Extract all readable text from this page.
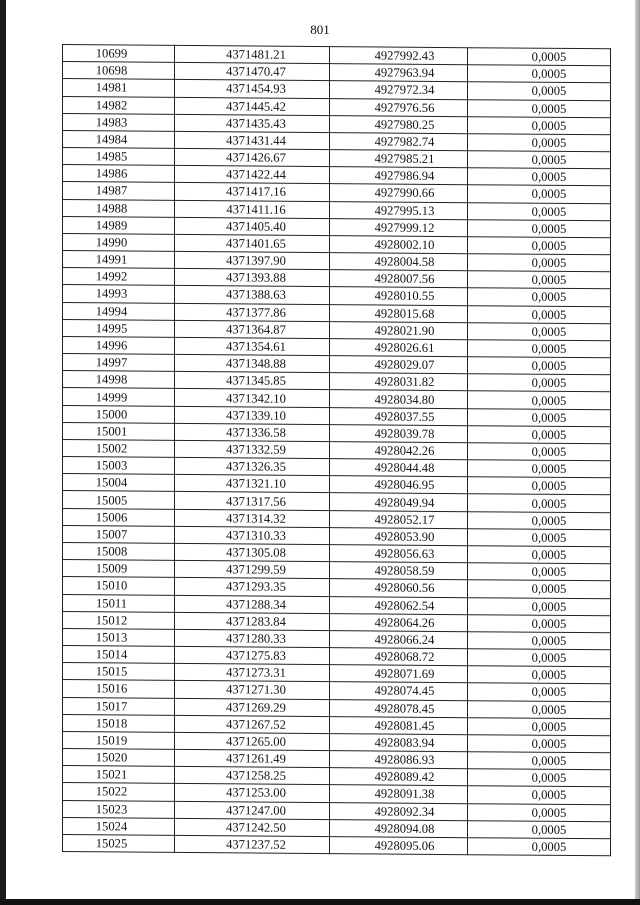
801
10699	4371481.21	4927992.43	0,0005
10698	4371470.47	4927963.94	0,0005
14981	4371454.93	4927972.34	0,0005
14982	4371445.42	4927976.56	0,0005
14983	4371435.43	4927980.25	0,0005
14984	4371431.44	4927982.74	0,0005
14985	4371426.67	4927985.21	0,0005
14986	4371422.44	4927986.94	0,0005
14987	4371417.16	4927990.66	0,0005
14988	4371411.16	4927995.13	0,0005
14989	4371405.40	4927999.12	0,0005
14990	4371401.65	4928002.10	0,0005
14991	4371397.90	4928004.58	0,0005
14992	4371393.88	4928007.56	0,0005
14993	4371388.63	4928010.55	0,0005
14994	4371377.86	4928015.68	0,0005
14995	4371364.87	4928021.90	0,0005
14996	4371354.61	4928026.61	0,0005
14997	4371348.88	4928029.07	0,0005
14998	4371345.85	4928031.82	0,0005
14999	4371342.10	4928034.80	0,0005
15000	4371339.10	4928037.55	0,0005
15001	4371336.58	4928039.78	0,0005
15002	4371332.59	4928042.26	0,0005
15003	4371326.35	4928044.48	0,0005
15004	4371321.10	4928046.95	0,0005
15005	4371317.56	4928049.94	0,0005
15006	4371314.32	4928052.17	0,0005
15007	4371310.33	4928053.90	0,0005
15008	4371305.08	4928056.63	0,0005
15009	4371299.59	4928058.59	0,0005
15010	4371293.35	4928060.56	0,0005
15011	4371288.34	4928062.54	0,0005
15012	4371283.84	4928064.26	0,0005
15013	4371280.33	4928066.24	0,0005
15014	4371275.83	4928068.72	0,0005
15015	4371273.31	4928071.69	0,0005
15016	4371271.30	4928074.45	0,0005
15017	4371269.29	4928078.45	0,0005
15018	4371267.52	4928081.45	0,0005
15019	4371265.00	4928083.94	0,0005
15020	4371261.49	4928086.93	0,0005
15021	4371258.25	4928089.42	0,0005
15022	4371253.00	4928091.38	0,0005
15023	4371247.00	4928092.34	0,0005
15024	4371242.50	4928094.08	0,0005
15025	4371237.52	4928095.06	0,0005
